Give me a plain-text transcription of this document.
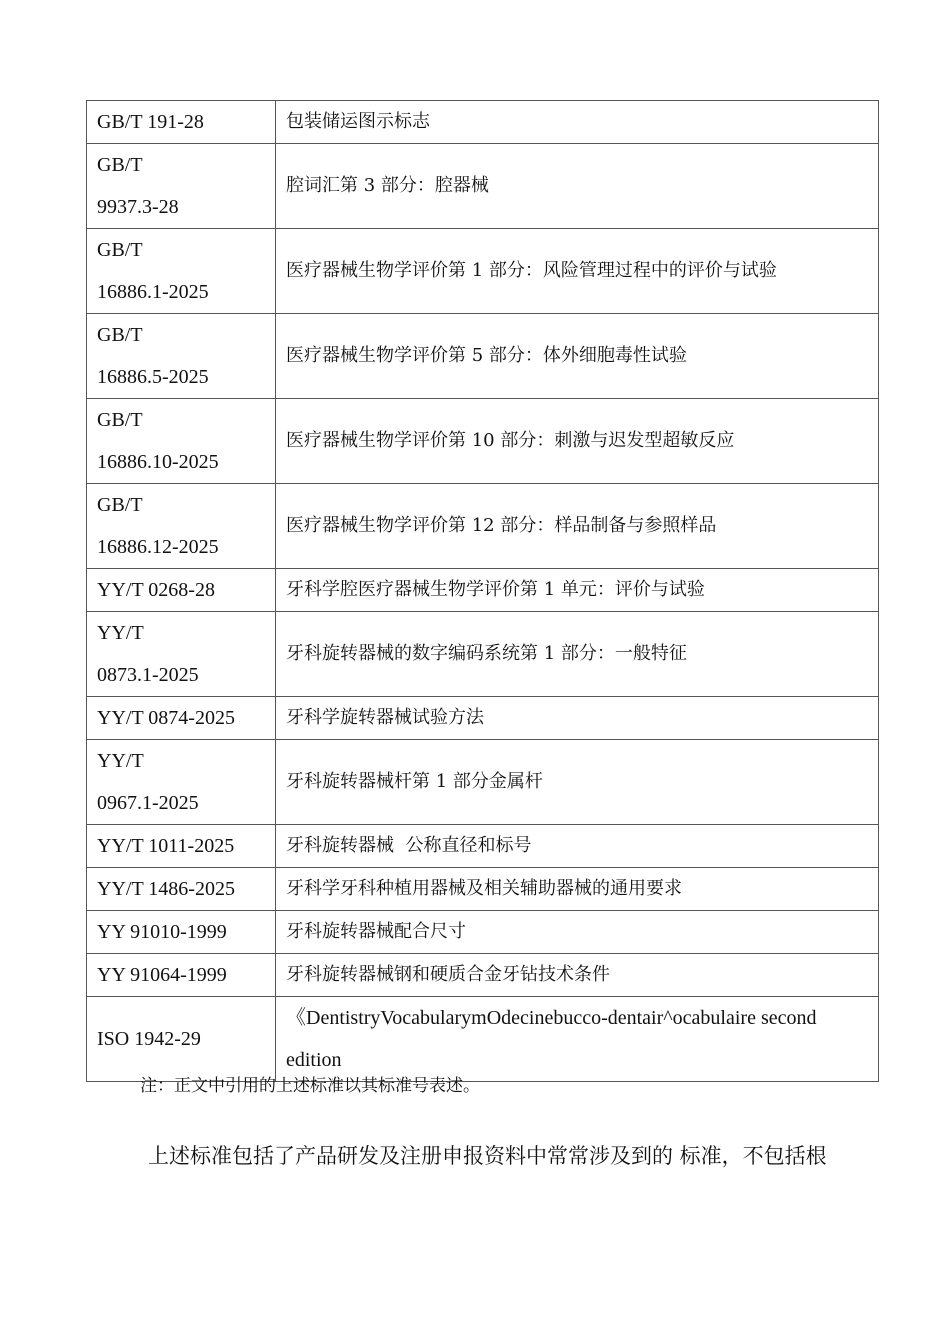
GB/T 191-28	包装储运图示标志

GB/T
9937.3-28	腔词汇第 3 部分：腔器械

GB/T
16886.1-2025	医疗器械生物学评价第 1 部分：风险管理过程中的评价与试验

GB/T
16886.5-2025	医疗器械生物学评价第 5 部分：体外细胞毒性试验

GB/T
16886.10-2025	医疗器械生物学评价第 10 部分：刺激与迟发型超敏反应

GB/T
16886.12-2025	医疗器械生物学评价第 12 部分：样品制备与参照样品

YY/T 0268-28	牙科学腔医疗器械生物学评价第 1 单元：评价与试验

YY/T
0873.1-2025	牙科旋转器械的数字编码系统第 1 部分：一般特征

YY/T 0874-2025	牙科学旋转器械试验方法

YY/T
0967.1-2025	牙科旋转器械杆第 1 部分金属杆

YY/T 1011-2025	牙科旋转器械  公称直径和标号

YY/T 1486-2025	牙科学牙科种植用器械及相关辅助器械的通用要求

YY 91010-1999	牙科旋转器械配合尺寸

YY 91064-1999	牙科旋转器械钢和硬质合金牙钻技术条件

ISO 1942-29	《DentistryVocabularymOdecinebucco-dentair^ocabulaire second edition
注：正文中引用的上述标准以其标准号表述。
上述标准包括了产品研发及注册申报资料中常常涉及到的 标准，不包括根
